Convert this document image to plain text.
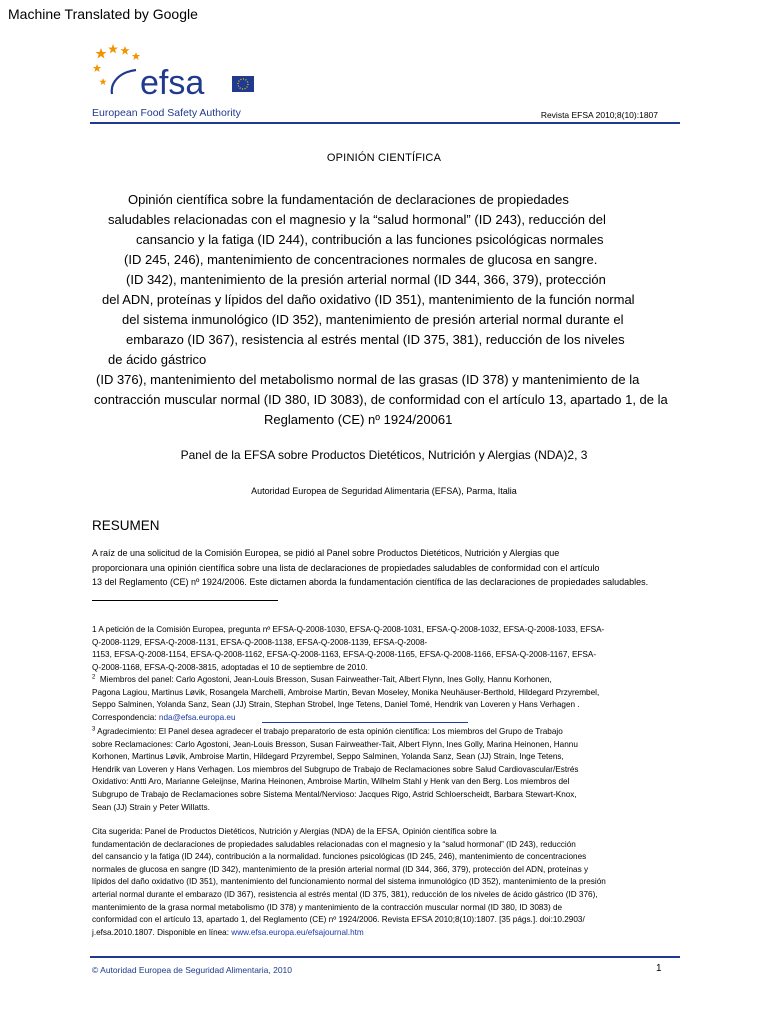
Machine Translated by Google
efsa
European Food Safety Authority	Revista EFSA 2010;8(10):1807
OPINIÓN CIENTÍFICA
Opinión científica sobre la fundamentación de declaraciones de propiedades
saludables relacionadas con el magnesio y la “salud hormonal” (ID 243), reducción del
cansancio y la fatiga (ID 244), contribución a las funciones psicológicas normales
(ID 245, 246), mantenimiento de concentraciones normales de glucosa en sangre.
(ID 342), mantenimiento de la presión arterial normal (ID 344, 366, 379), protección
del ADN, proteínas y lípidos del daño oxidativo (ID 351), mantenimiento de la función normal
del sistema inmunológico (ID 352), mantenimiento de presión arterial normal durante el
embarazo (ID 367), resistencia al estrés mental (ID 375, 381), reducción de los niveles
de ácido gástrico
(ID 376), mantenimiento del metabolismo normal de las grasas (ID 378) y mantenimiento de la
contracción muscular normal (ID 380, ID 3083), de conformidad con el artículo 13, apartado 1, de la
Reglamento (CE) nº 1924/20061
Panel de la EFSA sobre Productos Dietéticos, Nutrición y Alergias (NDA)2, 3
Autoridad Europea de Seguridad Alimentaria (EFSA), Parma, Italia
RESUMEN
A raíz de una solicitud de la Comisión Europea, se pidió al Panel sobre Productos Dietéticos, Nutrición y Alergias que
proporcionara una opinión científica sobre una lista de declaraciones de propiedades saludables de conformidad con el artículo
13 del Reglamento (CE) nº 1924/2006. Este dictamen aborda la fundamentación científica de las declaraciones de propiedades saludables.
1 A petición de la Comisión Europea, pregunta nº EFSA-Q-2008-1030, EFSA-Q-2008-1031, EFSA-Q-2008-1032, EFSA-Q-2008-1033, EFSA-
Q-2008-1129, EFSA-Q-2008-1131, EFSA-Q-2008-1138, EFSA-Q-2008-1139, EFSA-Q-2008-
1153, EFSA-Q-2008-1154, EFSA-Q-2008-1162, EFSA-Q-2008-1163, EFSA-Q-2008-1165, EFSA-Q-2008-1166, EFSA-Q-2008-1167, EFSA-
Q-2008-1168, EFSA-Q-2008-3815, adoptadas el 10 de septiembre de 2010.
$^2$ Miembros del panel: Carlo Agostoni, Jean-Louis Bresson, Susan Fairweather-Tait, Albert Flynn, Ines Golly, Hannu Korhonen,
Pagona Lagiou, Martinus Løvik, Rosangela Marchelli, Ambroise Martin, Bevan Moseley, Monika Neuhäuser-Berthold, Hildegard Przyrembel,
Seppo Salminen, Yolanda Sanz, Sean (JJ) Strain, Stephan Strobel, Inge Tetens, Daniel Tomé, Hendrik van Loveren y Hans Verhagen .
Correspondencia: nda@efsa.europa.eu
$^3$ Agradecimiento: El Panel desea agradecer el trabajo preparatorio de esta opinión científica: Los miembros del Grupo de Trabajo
sobre Reclamaciones: Carlo Agostoni, Jean-Louis Bresson, Susan Fairweather-Tait, Albert Flynn, Ines Golly, Marina Heinonen, Hannu
Korhonen, Martinus Løvik, Ambroise Martin, Hildegard Przyrembel, Seppo Salminen, Yolanda Sanz, Sean (JJ) Strain, Inge Tetens,
Hendrik van Loveren y Hans Verhagen. Los miembros del Subgrupo de Trabajo de Reclamaciones sobre Salud Cardiovascular/Estrés
Oxidativo: Antti Aro, Marianne Geleijnse, Marina Heinonen, Ambroise Martin, Wilhelm Stahl y Henk van den Berg. Los miembros del
Subgrupo de Trabajo de Reclamaciones sobre Sistema Mental/Nervioso: Jacques Rigo, Astrid Schloerscheidt, Barbara Stewart-Knox,
Sean (JJ) Strain y Peter Willatts.
Cita sugerida: Panel de Productos Dietéticos, Nutrición y Alergias (NDA) de la EFSA, Opinión científica sobre la
fundamentación de declaraciones de propiedades saludables relacionadas con el magnesio y la “salud hormonal” (ID 243), reducción
del cansancio y la fatiga (ID 244), contribución a la normalidad. funciones psicológicas (ID 245, 246), mantenimiento de concentraciones
normales de glucosa en sangre (ID 342), mantenimiento de la presión arterial normal (ID 344, 366, 379), protección del ADN, proteínas y
lípidos del daño oxidativo (ID 351), mantenimiento del funcionamiento normal del sistema inmunológico (ID 352), mantenimiento de la presión
arterial normal durante el embarazo (ID 367), resistencia al estrés mental (ID 375, 381), reducción de los niveles de ácido gástrico (ID 376),
mantenimiento de la grasa normal metabolismo (ID 378) y mantenimiento de la contracción muscular normal (ID 380, ID 3083) de
conformidad con el artículo 13, apartado 1, del Reglamento (CE) nº 1924/2006. Revista EFSA 2010;8(10):1807. [35 págs.]. doi:10.2903/
j.efsa.2010.1807. Disponible en línea: www.efsa.europa.eu/efsajournal.htm
© Autoridad Europea de Seguridad Alimentaria, 2010	1
